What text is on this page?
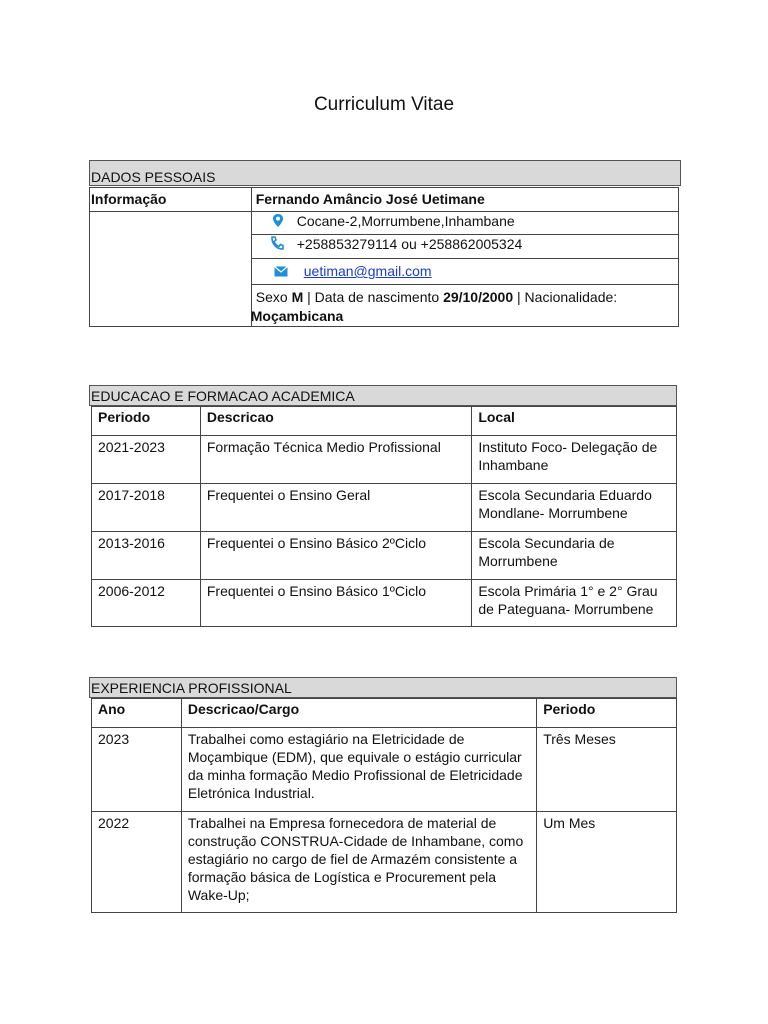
Curriculum Vitae
DADOS PESSOAIS
Informação	Fernando Amâncio José Uetimane
	Cocane-2,Morrumbene,Inhambane
	+258853279114 ou +258862005324
	uetiman@gmail.com
	Sexo M | Data de nascimento 29/10/2000 | Nacionalidade:
Moçambicana
EDUCACAO E FORMACAO ACADEMICA
Periodo	Descricao	Local
2021-2023	Formação Técnica Medio Profissional	Instituto Foco- Delegação de Inhambane
2017-2018	Frequentei o Ensino Geral	Escola Secundaria Eduardo Mondlane- Morrumbene
2013-2016	Frequentei o Ensino Básico 2ºCiclo	Escola Secundaria de Morrumbene
2006-2012	Frequentei o Ensino Básico 1ºCiclo	Escola Primária 1° e 2° Grau de Pateguana- Morrumbene
EXPERIENCIA PROFISSIONAL
Ano	Descricao/Cargo	Periodo
2023	Trabalhei como estagiário na Eletricidade de Moçambique (EDM), que equivale o estágio curricular da minha formação Medio Profissional de Eletricidade Eletrónica Industrial.	Três Meses
2022	Trabalhei na Empresa fornecedora de material de construção CONSTRUA-Cidade de Inhambane, como estagiário no cargo de fiel de Armazém consistente a formação básica de Logística e Procurement pela Wake-Up;	Um Mes
